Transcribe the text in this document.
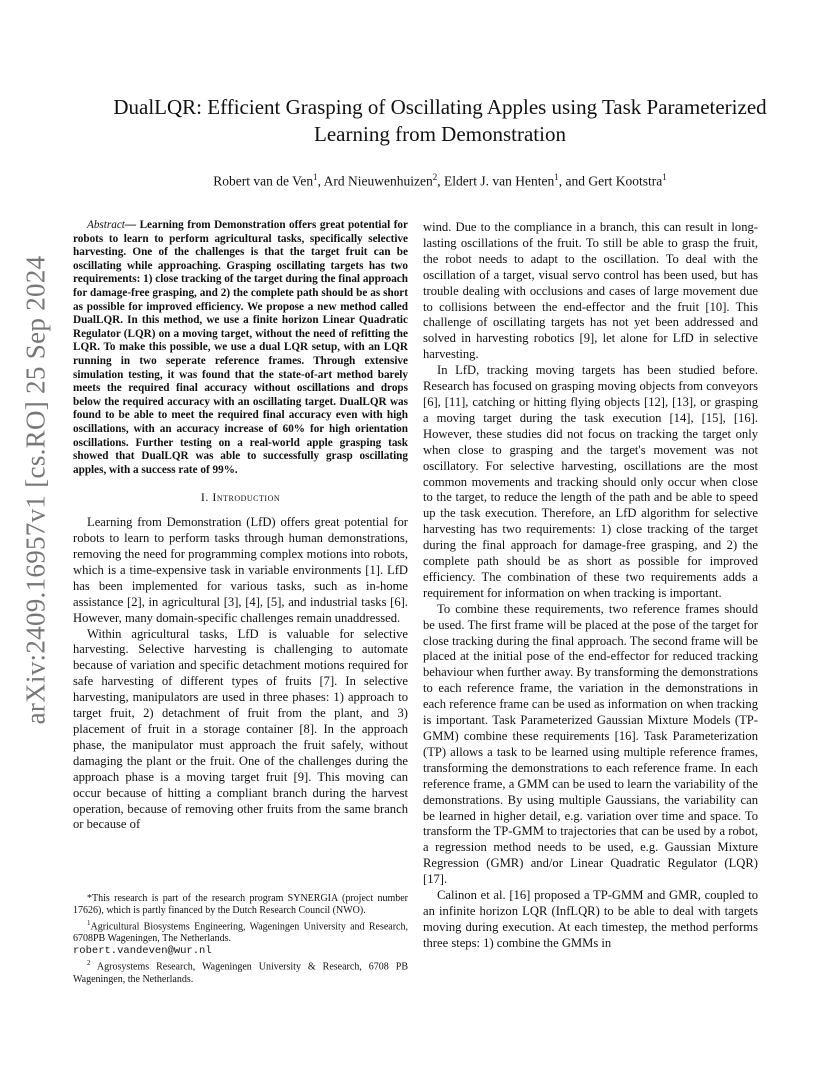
arXiv:2409.16957v1 [cs.RO] 25 Sep 2024
DualLQR: Efficient Grasping of Oscillating Apples using Task Parameterized Learning from Demonstration
Robert van de Ven$^1$, Ard Nieuwenhuizen$^2$, Eldert J. van Henten$^1$, and Gert Kootstra$^1$

Abstract— Learning from Demonstration offers great potential for robots to learn to perform agricultural tasks, specifically selective harvesting. One of the challenges is that the target fruit can be oscillating while approaching. Grasping oscillating targets has two requirements: 1) close tracking of the target during the final approach for damage-free grasping, and 2) the complete path should be as short as possible for improved efficiency. We propose a new method called DualLQR. In this method, we use a finite horizon Linear Quadratic Regulator (LQR) on a moving target, without the need of refitting the LQR. To make this possible, we use a dual LQR setup, with an LQR running in two seperate reference frames. Through extensive simulation testing, it was found that the state-of-art method barely meets the required final accuracy without oscillations and drops below the required accuracy with an oscillating target. DualLQR was found to be able to meet the required final accuracy even with high oscillations, with an accuracy increase of 60% for high orientation oscillations. Further testing on a real-world apple grasping task showed that DualLQR was able to successfully grasp oscillating apples, with a success rate of 99%.

I. Introduction

Learning from Demonstration (LfD) offers great potential for robots to learn to perform tasks through human demonstrations, removing the need for programming complex motions into robots, which is a time-expensive task in variable environments [1]. LfD has been implemented for various tasks, such as in-home assistance [2], in agricultural [3], [4], [5], and industrial tasks [6]. However, many domain-specific challenges remain unaddressed.

Within agricultural tasks, LfD is valuable for selective harvesting. Selective harvesting is challenging to automate because of variation and specific detachment motions required for safe harvesting of different types of fruits [7]. In selective harvesting, manipulators are used in three phases: 1) approach to target fruit, 2) detachment of fruit from the plant, and 3) placement of fruit in a storage container [8]. In the approach phase, the manipulator must approach the fruit safely, without damaging the plant or the fruit. One of the challenges during the approach phase is a moving target fruit [9]. This moving can occur because of hitting a compliant branch during the harvest operation, because of removing other fruits from the same branch or because of

*This research is part of the research program SYNERGIA (project number 17626), which is partly financed by the Dutch Research Council (NWO).

$^1$Agricultural Biosystems Engineering, Wageningen University and Research, 6708PB Wageningen, The Netherlands.
robert.vandeven@wur.nl

$^2$ Agrosystems Research, Wageningen University & Research, 6708 PB Wageningen, the Netherlands.

wind. Due to the compliance in a branch, this can result in long-lasting oscillations of the fruit. To still be able to grasp the fruit, the robot needs to adapt to the oscillation. To deal with the oscillation of a target, visual servo control has been used, but has trouble dealing with occlusions and cases of large movement due to collisions between the end-effector and the fruit [10]. This challenge of oscillating targets has not yet been addressed and solved in harvesting robotics [9], let alone for LfD in selective harvesting.

In LfD, tracking moving targets has been studied before. Research has focused on grasping moving objects from conveyors [6], [11], catching or hitting flying objects [12], [13], or grasping a moving target during the task execution [14], [15], [16]. However, these studies did not focus on tracking the target only when close to grasping and the target's movement was not oscillatory. For selective harvesting, oscillations are the most common movements and tracking should only occur when close to the target, to reduce the length of the path and be able to speed up the task execution. Therefore, an LfD algorithm for selective harvesting has two requirements: 1) close tracking of the target during the final approach for damage-free grasping, and 2) the complete path should be as short as possible for improved efficiency. The combination of these two requirements adds a requirement for information on when tracking is important.

To combine these requirements, two reference frames should be used. The first frame will be placed at the pose of the target for close tracking during the final approach. The second frame will be placed at the initial pose of the end-effector for reduced tracking behaviour when further away. By transforming the demonstrations to each reference frame, the variation in the demonstrations in each reference frame can be used as information on when tracking is important. Task Parameterized Gaussian Mixture Models (TP-GMM) combine these requirements [16]. Task Parameterization (TP) allows a task to be learned using multiple reference frames, transforming the demonstrations to each reference frame. In each reference frame, a GMM can be used to learn the variability of the demonstrations. By using multiple Gaussians, the variability can be learned in higher detail, e.g. variation over time and space. To transform the TP-GMM to trajectories that can be used by a robot, a regression method needs to be used, e.g. Gaussian Mixture Regression (GMR) and/or Linear Quadratic Regulator (LQR) [17].

Calinon et al. [16] proposed a TP-GMM and GMR, coupled to an infinite horizon LQR (InfLQR) to be able to deal with targets moving during execution. At each timestep, the method performs three steps: 1) combine the GMMs in
